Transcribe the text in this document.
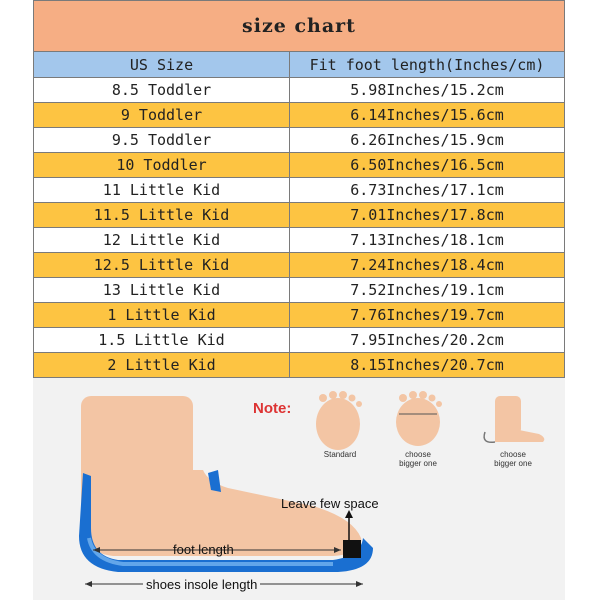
size chart
US Size	Fit foot length(Inches/cm)
8.5 Toddler	5.98Inches/15.2cm
9 Toddler	6.14Inches/15.6cm
9.5 Toddler	6.26Inches/15.9cm
10 Toddler	6.50Inches/16.5cm
11 Little Kid	6.73Inches/17.1cm
11.5 Little Kid	7.01Inches/17.8cm
12 Little Kid	7.13Inches/18.1cm
12.5 Little Kid	7.24Inches/18.4cm
13 Little Kid	7.52Inches/19.1cm
1 Little Kid	7.76Inches/19.7cm
1.5 Little Kid	7.95Inches/20.2cm
2 Little Kid	8.15Inches/20.7cm
Note:
Standard	choose bigger one
choose bigger one
Leave few space
foot length
shoes insole length
